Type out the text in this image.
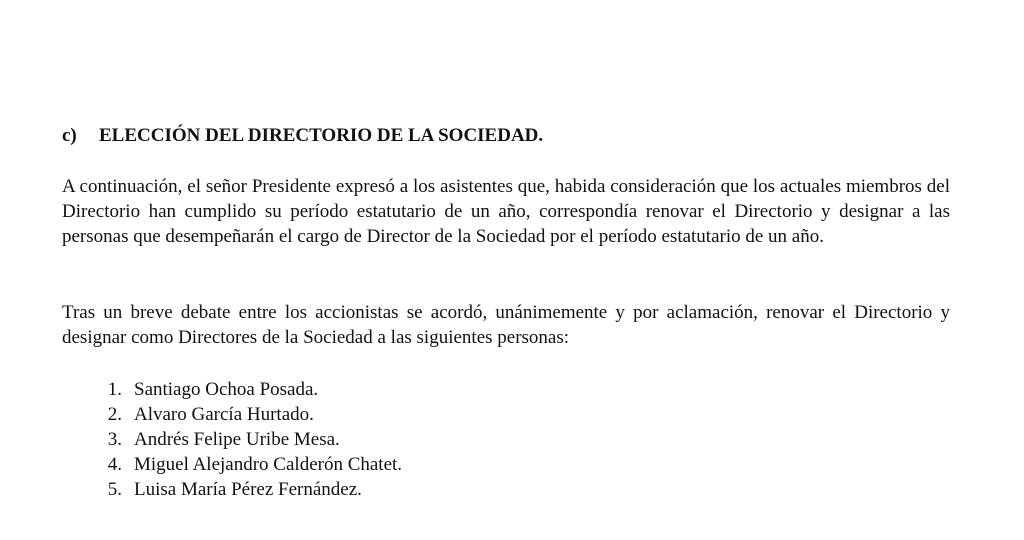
c) ELECCIÓN DEL DIRECTORIO DE LA SOCIEDAD.

A continuación, el señor Presidente expresó a los asistentes que, habida consideración que los actuales miembros del Directorio han cumplido su período estatutario de un año, correspondía renovar el Directorio y designar a las personas que desempeñarán el cargo de Director de la Sociedad por el período estatutario de un año.

Tras un breve debate entre los accionistas se acordó, unánimemente y por aclamación, renovar el Directorio y designar como Directores de la Sociedad a las siguientes personas:

1. Santiago Ochoa Posada.
2. Alvaro García Hurtado.
3. Andrés Felipe Uribe Mesa.
4. Miguel Alejandro Calderón Chatet.
5. Luisa María Pérez Fernández.
